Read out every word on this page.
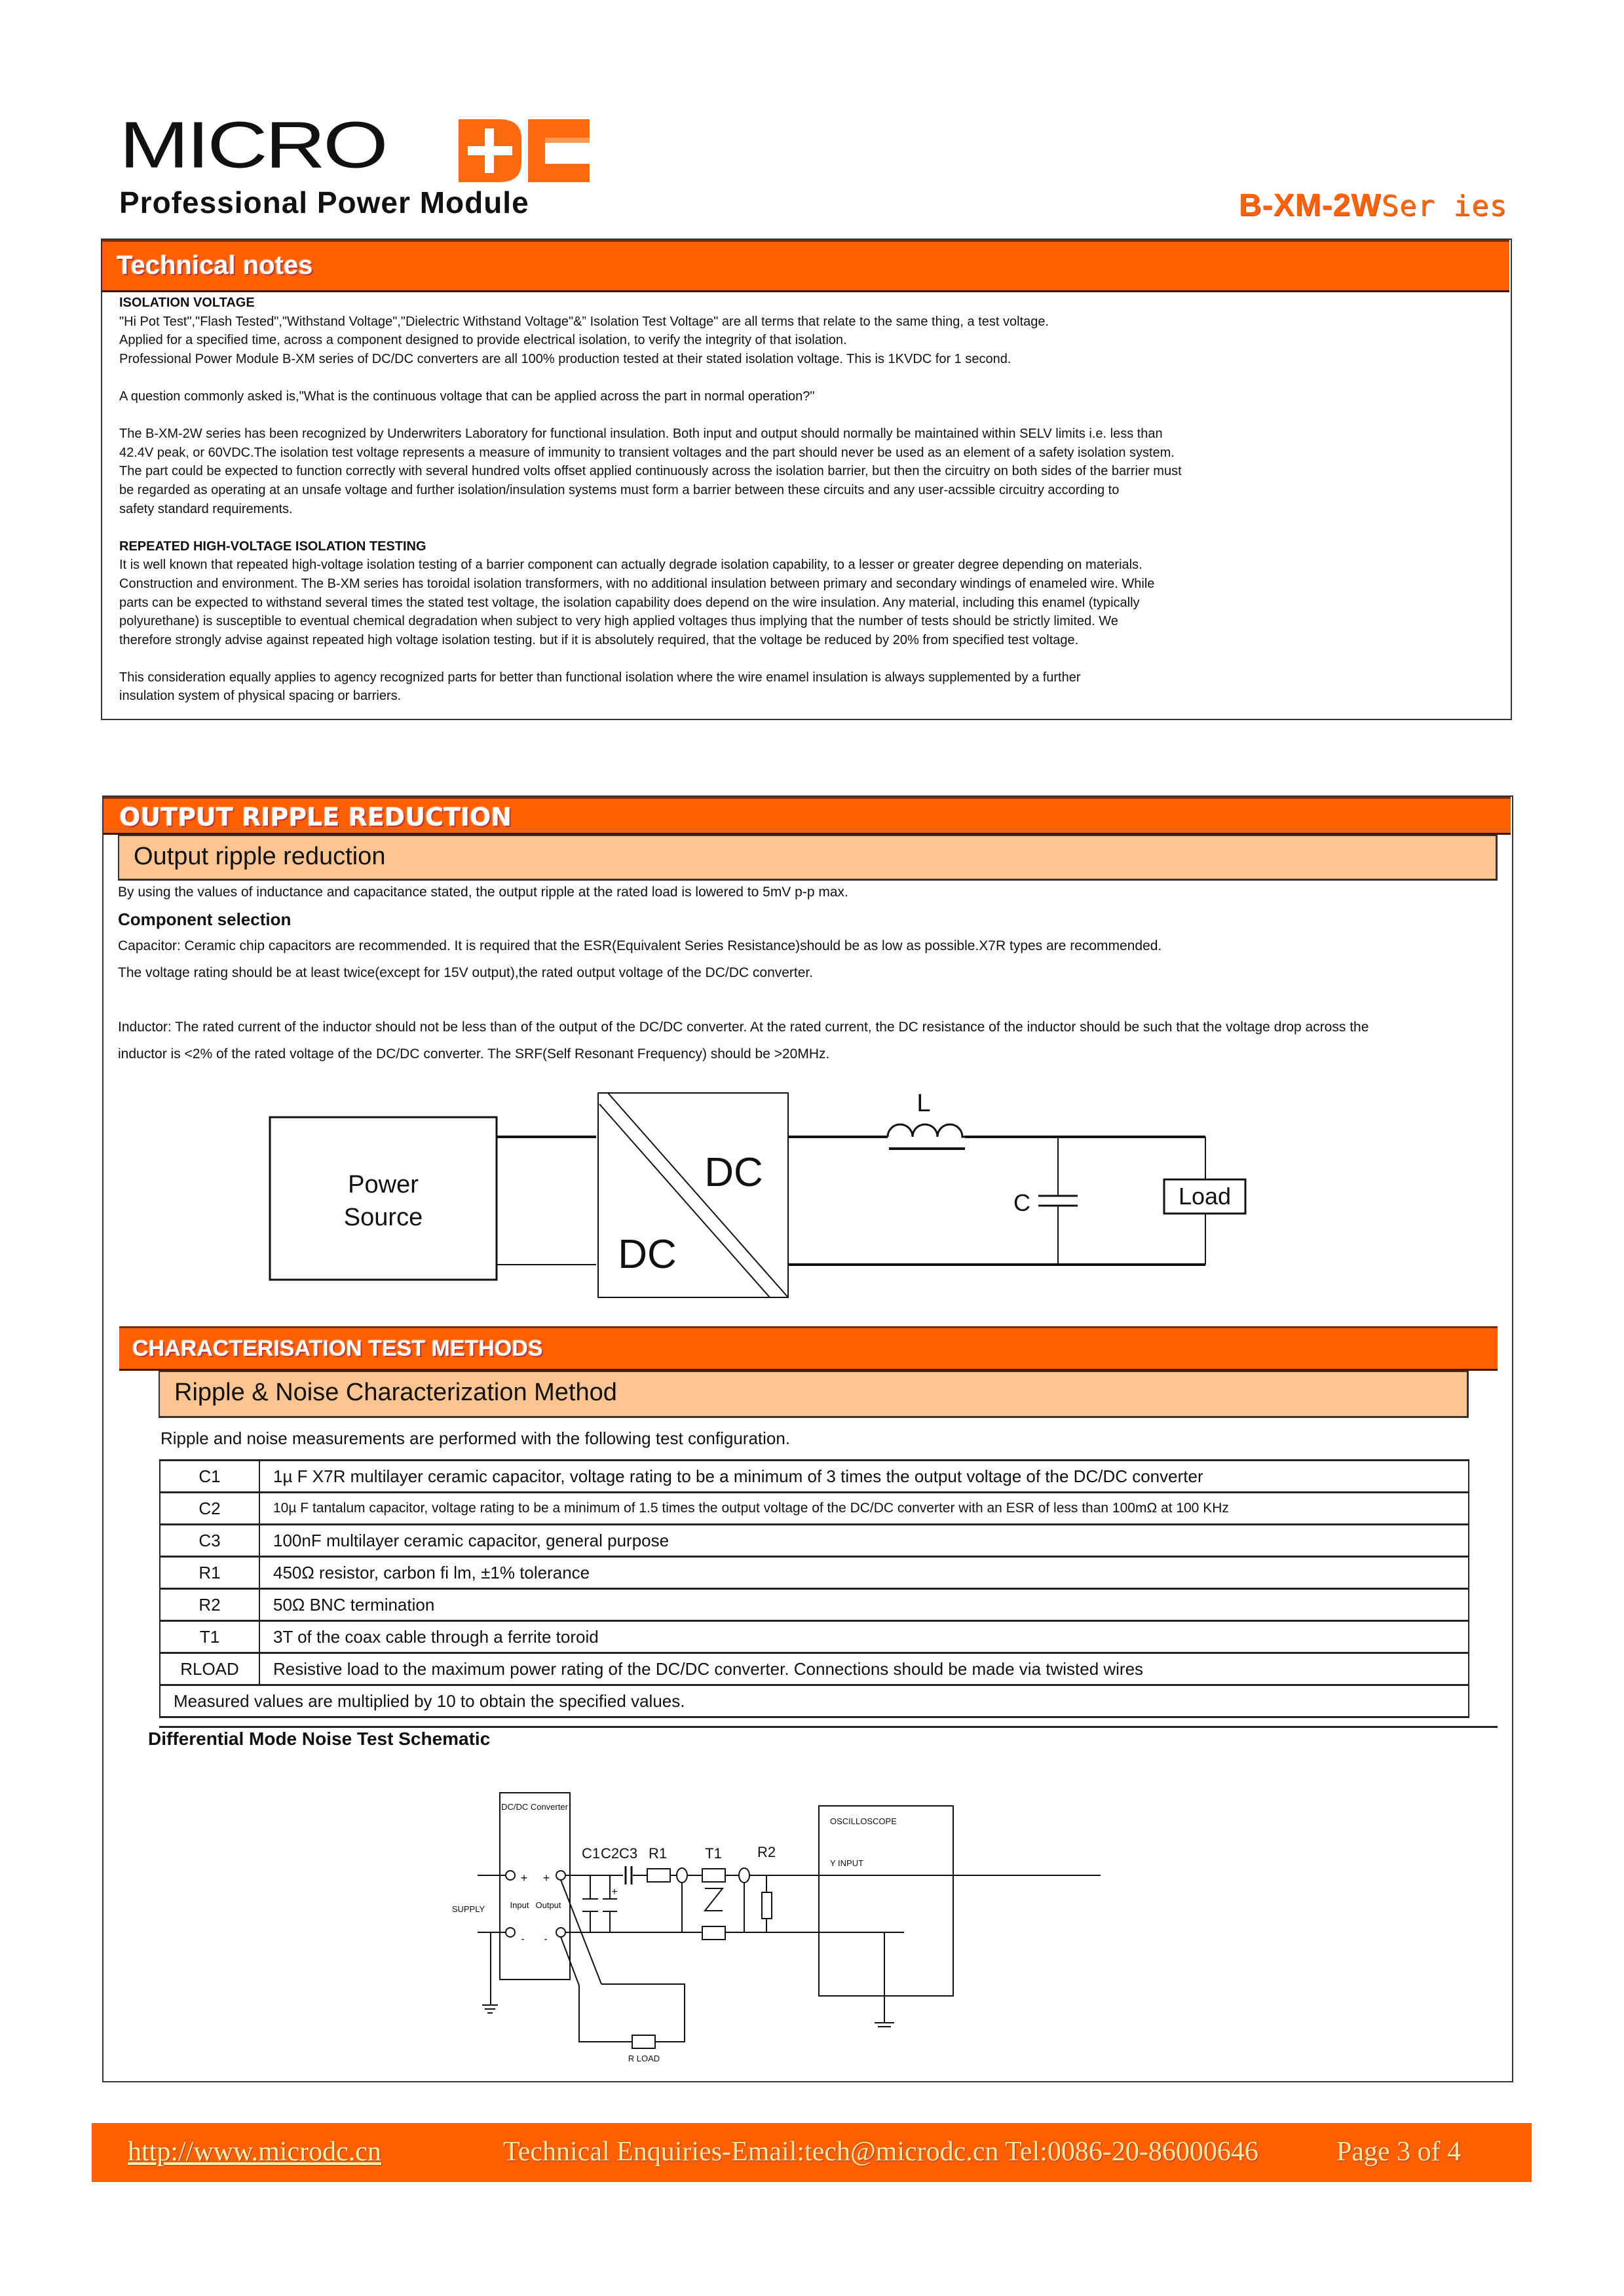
MICRO
Professional Power Module	B-XM-2WSer ies
Technical notes
ISOLATION VOLTAGE
"Hi Pot Test","Flash Tested","Withstand Voltage","Dielectric Withstand Voltage"&” Isolation Test Voltage" are all terms that relate to the same thing, a test voltage.
Applied for a specified time, across a component designed to provide electrical isolation, to verify the integrity of that isolation.
Professional Power Module B-XM series of DC/DC converters are all 100% production tested at their stated isolation voltage. This is 1KVDC for 1 second.
A question commonly asked is,"What is the continuous voltage that can be applied across the part in normal operation?"
The B-XM-2W series has been recognized by Underwriters Laboratory for functional insulation. Both input and output should normally be maintained within SELV limits i.e. less than
42.4V peak, or 60VDC.The isolation test voltage represents a measure of immunity to transient voltages and the part should never be used as an element of a safety isolation system.
The part could be expected to function correctly with several hundred volts offset applied continuously across the isolation barrier, but then the circuitry on both sides of the barrier must
be regarded as operating at an unsafe voltage and further isolation/insulation systems must form a barrier between these circuits and any user-acssible circuitry according to
safety standard requirements.
REPEATED HIGH-VOLTAGE ISOLATION TESTING
It is well known that repeated high-voltage isolation testing of a barrier component can actually degrade isolation capability, to a lesser or greater degree depending on materials.
Construction and environment. The B-XM series has toroidal isolation transformers, with no additional insulation between primary and secondary windings of enameled wire. While
parts can be expected to withstand several times the stated test voltage, the isolation capability does depend on the wire insulation. Any material, including this enamel (typically
polyurethane) is susceptible to eventual chemical degradation when subject to very high applied voltages thus implying that the number of tests should be strictly limited. We
therefore strongly advise against repeated high voltage isolation testing. but if it is absolutely required, that the voltage be reduced by 20% from specified test voltage.
This consideration equally applies to agency recognized parts for better than functional isolation where the wire enamel insulation is always supplemented by a further
insulation system of physical spacing or barriers.
OUTPUT RIPPLE REDUCTION
Output ripple reduction
By using the values of inductance and capacitance stated, the output ripple at the rated load is lowered to 5mV p-p max.
Component selection
Capacitor: Ceramic chip capacitors are recommended. It is required that the ESR(Equivalent Series Resistance)should be as low as possible.X7R types are recommended.
The voltage rating should be at least twice(except for 15V output),the rated output voltage of the DC/DC converter.
Inductor: The rated current of the inductor should not be less than of the output of the DC/DC converter. At the rated current, the DC resistance of the inductor should be such that the voltage drop across the
inductor is <2% of the rated voltage of the DC/DC converter. The SRF(Self Resonant Frequency) should be >20MHz.
Power
Source
DC
DC
L
C	Load
CHARACTERISATION TEST METHODS
Ripple & Noise Characterization Method
Ripple and noise measurements are performed with the following test configuration.
C1	1µ F X7R multilayer ceramic capacitor, voltage rating to be a minimum of 3 times the output voltage of the DC/DC converter
C2	10µ F tantalum capacitor, voltage rating to be a minimum of 1.5 times the output voltage of the DC/DC converter with an ESR of less than 100mΩ at 100 KHz
C3	100nF multilayer ceramic capacitor, general purpose
R1	450Ω resistor, carbon fi lm, ±1% tolerance
R2	50Ω BNC termination
T1	3T of the coax cable through a ferrite toroid
RLOAD	Resistive load to the maximum power rating of the DC/DC converter. Connections should be made via twisted wires
Measured values are multiplied by 10 to obtain the specified values.	
Differential Mode Noise Test Schematic
DC/DC Converter
SUPPLY	Input Output
+ +
+
- -
C1 C2 C3 R1	T1 R2
OSCILLOSCOPE
Y INPUT
R LOAD
http://www.microdc.cn	Technical Enquiries-Email:tech@microdc.cn Tel:0086-20-86000646	Page 3 of 4
